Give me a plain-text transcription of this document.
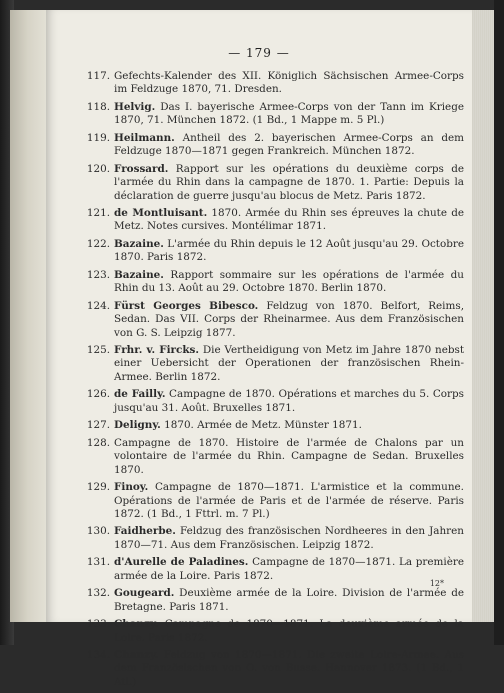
— 179 —
117. Gefechts-Kalender des XII. Königlich Sächsischen Armee-Corps im Feldzuge 1870, 71. Dresden.
118. Helvig. Das I. bayerische Armee-Corps von der Tann im Kriege 1870, 71. München 1872. (1 Bd., 1 Mappe m. 5 Pl.)
119. Heilmann. Antheil des 2. bayerischen Armee-Corps an dem Feldzuge 1870—1871 gegen Frankreich. München 1872.
120. Frossard. Rapport sur les opérations du deuxième corps de l'armée du Rhin dans la campagne de 1870. 1. Partie: Depuis la déclaration de guerre jusqu'au blocus de Metz. Paris 1872.
121. de Montluisant. 1870. Armée du Rhin ses épreuves la chute de Metz. Notes cursives. Montélimar 1871.
122. Bazaine. L'armée du Rhin depuis le 12 Août jusqu'au 29. Octobre 1870. Paris 1872.
123. Bazaine. Rapport sommaire sur les opérations de l'armée du Rhin du 13. Août au 29. Octobre 1870. Berlin 1870.
124. Fürst Georges Bibesco. Feldzug von 1870. Belfort, Reims, Sedan. Das VII. Corps der Rheinarmee. Aus dem Französischen von G. S. Leipzig 1877.
125. Frhr. v. Fircks. Die Vertheidigung von Metz im Jahre 1870 nebst einer Uebersicht der Operationen der französischen Rhein-Armee. Berlin 1872.
126. de Failly. Campagne de 1870. Opérations et marches du 5. Corps jusqu'au 31. Août. Bruxelles 1871.
127. Deligny. 1870. Armée de Metz. Münster 1871.
128. Campagne de 1870. Histoire de l'armée de Chalons par un volontaire de l'armée du Rhin. Campagne de Sedan. Bruxelles 1870.
129. Finoy. Campagne de 1870—1871. L'armistice et la commune. Opérations de l'armée de Paris et de l'armée de réserve. Paris 1872. (1 Bd., 1 Fttrl. m. 7 Pl.)
130. Faidherbe. Feldzug des französischen Nordheeres in den Jahren 1870—71. Aus dem Französischen. Leipzig 1872.
131. d'Aurelle de Paladines. Campagne de 1870—1871. La première armée de la Loire. Paris 1872.
132. Gougeard. Deuxième armée de la Loire. Division de l'armée de Bretagne. Paris 1871.
133. Chanzy. Campagne de 1870—1871. La deuxième armée de la Loire. Paris 1872.
134. Chanzy. Feldzug von 1870—1871. Die zweite Loire-Armee. Aus dem Französischen von O. von Busse. Hannover 1873. (1 Bd., 1 Atl.)
12*
